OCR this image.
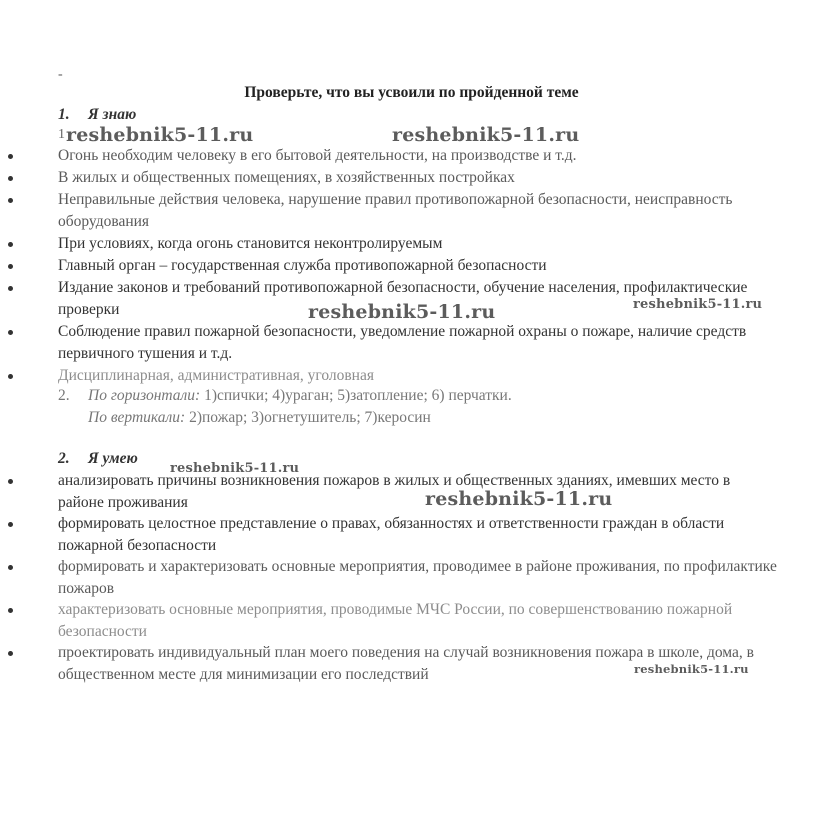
-
Проверьте, что вы усвоили по пройденной теме
1. Я знаю
1
Огонь необходим человеку в его бытовой деятельности, на производстве и т.д.
В жилых и общественных помещениях, в хозяйственных постройках
Неправильные действия человека, нарушение правил противопожарной безопасности, неисправность оборудования
При условиях, когда огонь становится неконтролируемым
Главный орган – государственная служба противопожарной безопасности
Издание законов и требований противопожарной безопасности, обучение населения, профилактические проверки
Соблюдение правил пожарной безопасности, уведомление пожарной охраны о пожаре, наличие средств первичного тушения и т.д.
Дисциплинарная, административная, уголовная
2. По горизонтали: 1)спички; 4)ураган; 5)затопление; 6) перчатки.
По вертикали: 2)пожар; 3)огнетушитель; 7)керосин
2. Я умею
анализировать причины возникновения пожаров в жилых и общественных зданиях, имевших место в районе проживания
формировать целостное представление о правах, обязанностях и ответственности граждан в области пожарной безопасности
формировать и характеризовать основные мероприятия, проводимее в районе проживания, по профилактике пожаров
характеризовать основные мероприятия, проводимые МЧС России, по совершенствованию пожарной безопасности
проектировать индивидуальный план моего поведения на случай возникновения пожара в школе, дома, в общественном месте для минимизации его последствий
reshebnik5-11.ru	reshebnik5-11.ru
reshebnik5-11.ru	reshebnik5-11.ru
reshebnik5-11.ru
reshebnik5-11.ru
reshebnik5-11.ru
